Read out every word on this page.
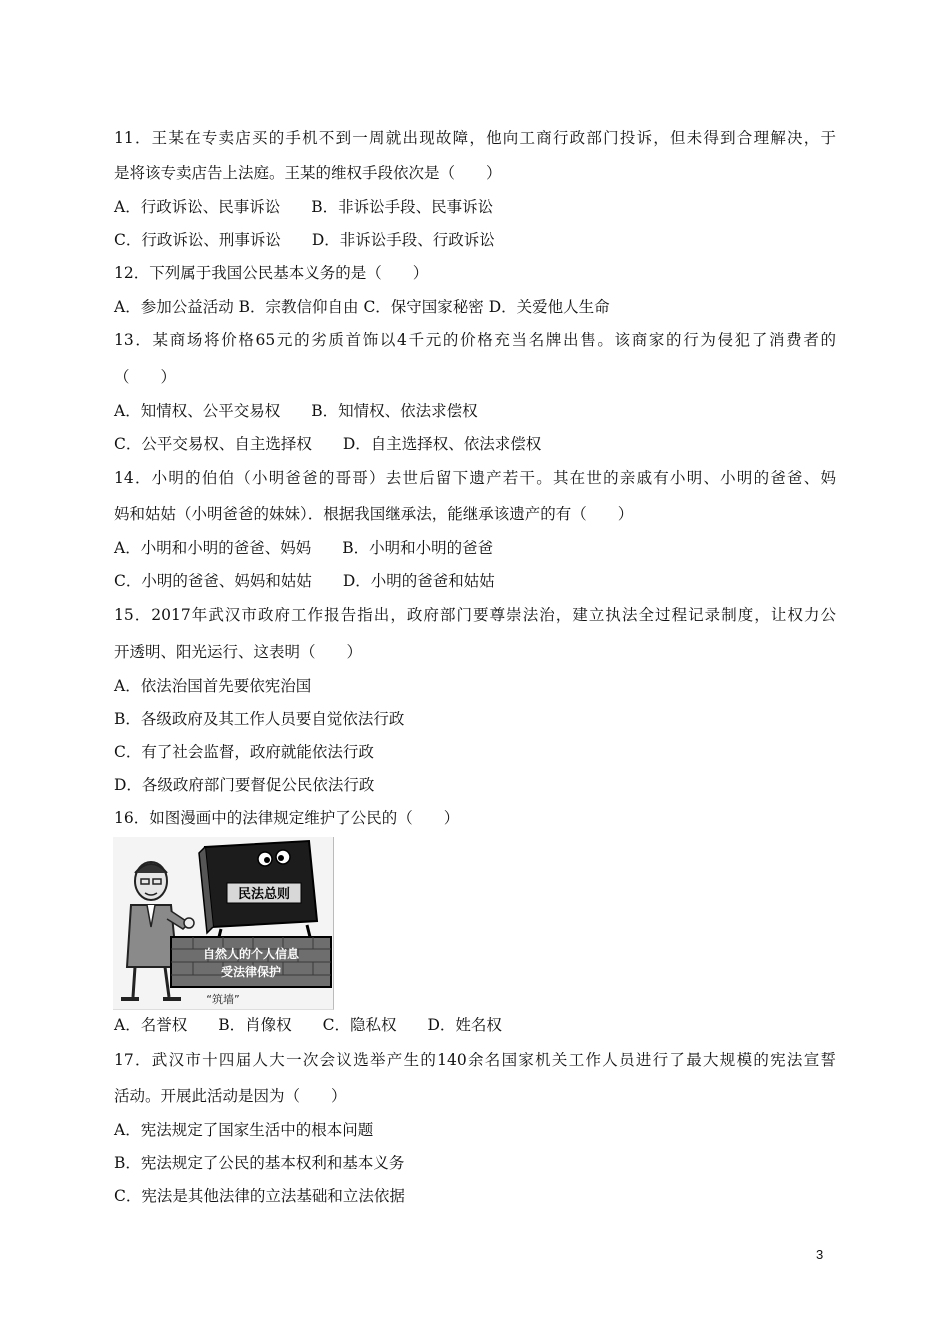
11．王某在专卖店买的手机不到一周就出现故障，他向工商行政部门投诉，但未得到合理解决，于
是将该专卖店告上法庭。王某的维权手段依次是（　　）
A．行政诉讼、民事诉讼　　B．非诉讼手段、民事诉讼
C．行政诉讼、刑事诉讼　　D．非诉讼手段、行政诉讼
12．下列属于我国公民基本义务的是（　　）
A．参加公益活动 B．宗教信仰自由 C．保守国家秘密 D．关爱他人生命
13．某商场将价格65元的劣质首饰以4千元的价格充当名牌出售。该商家的行为侵犯了消费者的
（　　）
A．知情权、公平交易权　　B．知情权、依法求偿权
C．公平交易权、自主选择权　　D．自主选择权、依法求偿权
14．小明的伯伯（小明爸爸的哥哥）去世后留下遗产若干。其在世的亲戚有小明、小明的爸爸、妈
妈和姑姑（小明爸爸的妹妹）．根据我国继承法，能继承该遗产的有（　　）
A．小明和小明的爸爸、妈妈　　B．小明和小明的爸爸
C．小明的爸爸、妈妈和姑姑　　D．小明的爸爸和姑姑
15．2017年武汉市政府工作报告指出，政府部门要尊崇法治，建立执法全过程记录制度，让权力公
开透明、阳光运行、这表明（　　）
A．依法治国首先要依宪治国
B．各级政府及其工作人员要自觉依法行政
C．有了社会监督，政府就能依法行政
D．各级政府部门要督促公民依法行政
16．如图漫画中的法律规定维护了公民的（　　）
民法总则
自然人的个人信息
受法律保护
“筑墙”
A．名誉权　　B．肖像权　　C．隐私权　　D．姓名权
17．武汉市十四届人大一次会议选举产生的140余名国家机关工作人员进行了最大规模的宪法宣誓
活动。开展此活动是因为（　　）
A．宪法规定了国家生活中的根本问题
B．宪法规定了公民的基本权利和基本义务
C．宪法是其他法律的立法基础和立法依据
3
